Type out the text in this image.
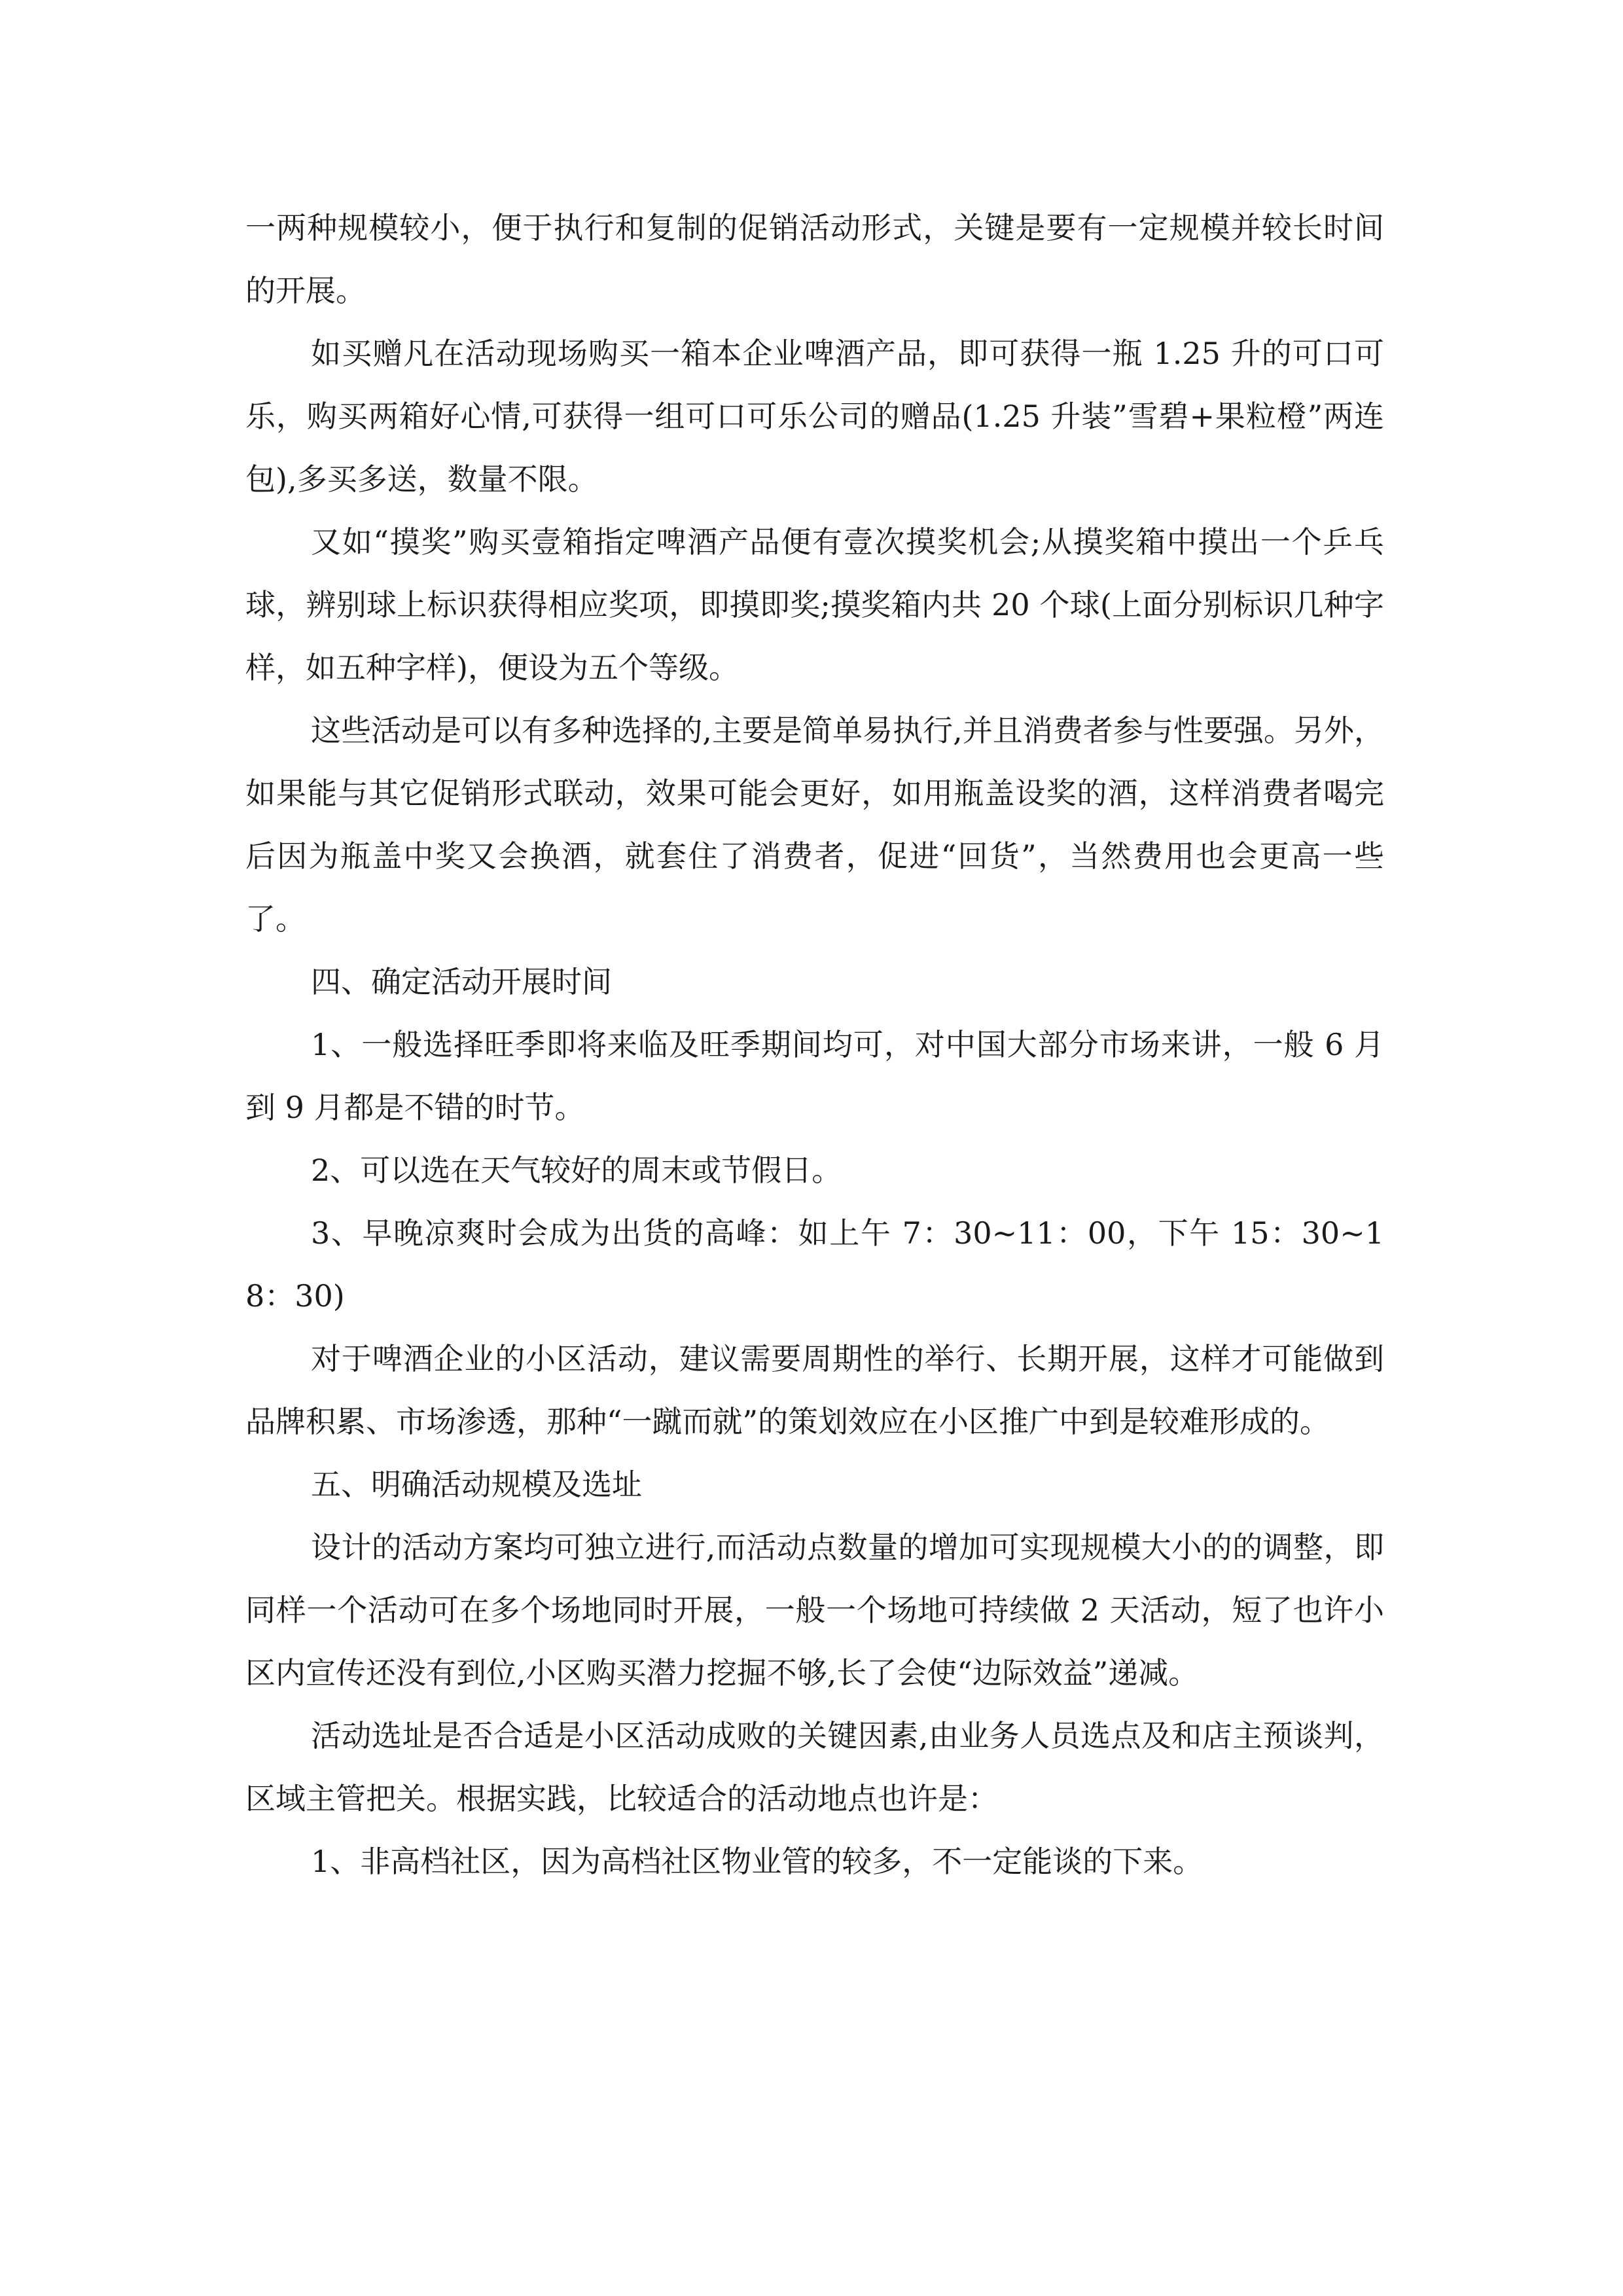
一两种规模较小，便于执行和复制的促销活动形式，关键是要有一定规模并较长时间的开展。

如买赠凡在活动现场购买一箱本企业啤酒产品，即可获得一瓶 1.25 升的可口可乐，购买两箱好心情,可获得一组可口可乐公司的赠品(1.25 升装”雪碧+果粒橙”两连包),多买多送，数量不限。

又如“摸奖”购买壹箱指定啤酒产品便有壹次摸奖机会;从摸奖箱中摸出一个乒乓球，辨别球上标识获得相应奖项，即摸即奖;摸奖箱内共 20 个球(上面分别标识几种字样，如五种字样)，便设为五个等级。

这些活动是可以有多种选择的,主要是简单易执行,并且消费者参与性要强。另外，如果能与其它促销形式联动，效果可能会更好，如用瓶盖设奖的酒，这样消费者喝完后因为瓶盖中奖又会换酒，就套住了消费者，促进“回货”，当然费用也会更高一些了。

四、确定活动开展时间

1、一般选择旺季即将来临及旺季期间均可，对中国大部分市场来讲，一般 6 月到 9 月都是不错的时节。

2、可以选在天气较好的周末或节假日。

3、早晚凉爽时会成为出货的高峰：如上午 7：30~11：00，下午 15：30~18：30)

对于啤酒企业的小区活动，建议需要周期性的举行、长期开展，这样才可能做到品牌积累、市场渗透，那种“一蹴而就”的策划效应在小区推广中到是较难形成的。

五、明确活动规模及选址

设计的活动方案均可独立进行,而活动点数量的增加可实现规模大小的的调整，即同样一个活动可在多个场地同时开展，一般一个场地可持续做 2 天活动，短了也许小区内宣传还没有到位,小区购买潜力挖掘不够,长了会使“边际效益”递减。

活动选址是否合适是小区活动成败的关键因素,由业务人员选点及和店主预谈判，区域主管把关。根据实践，比较适合的活动地点也许是：

1、非高档社区，因为高档社区物业管的较多，不一定能谈的下来。
